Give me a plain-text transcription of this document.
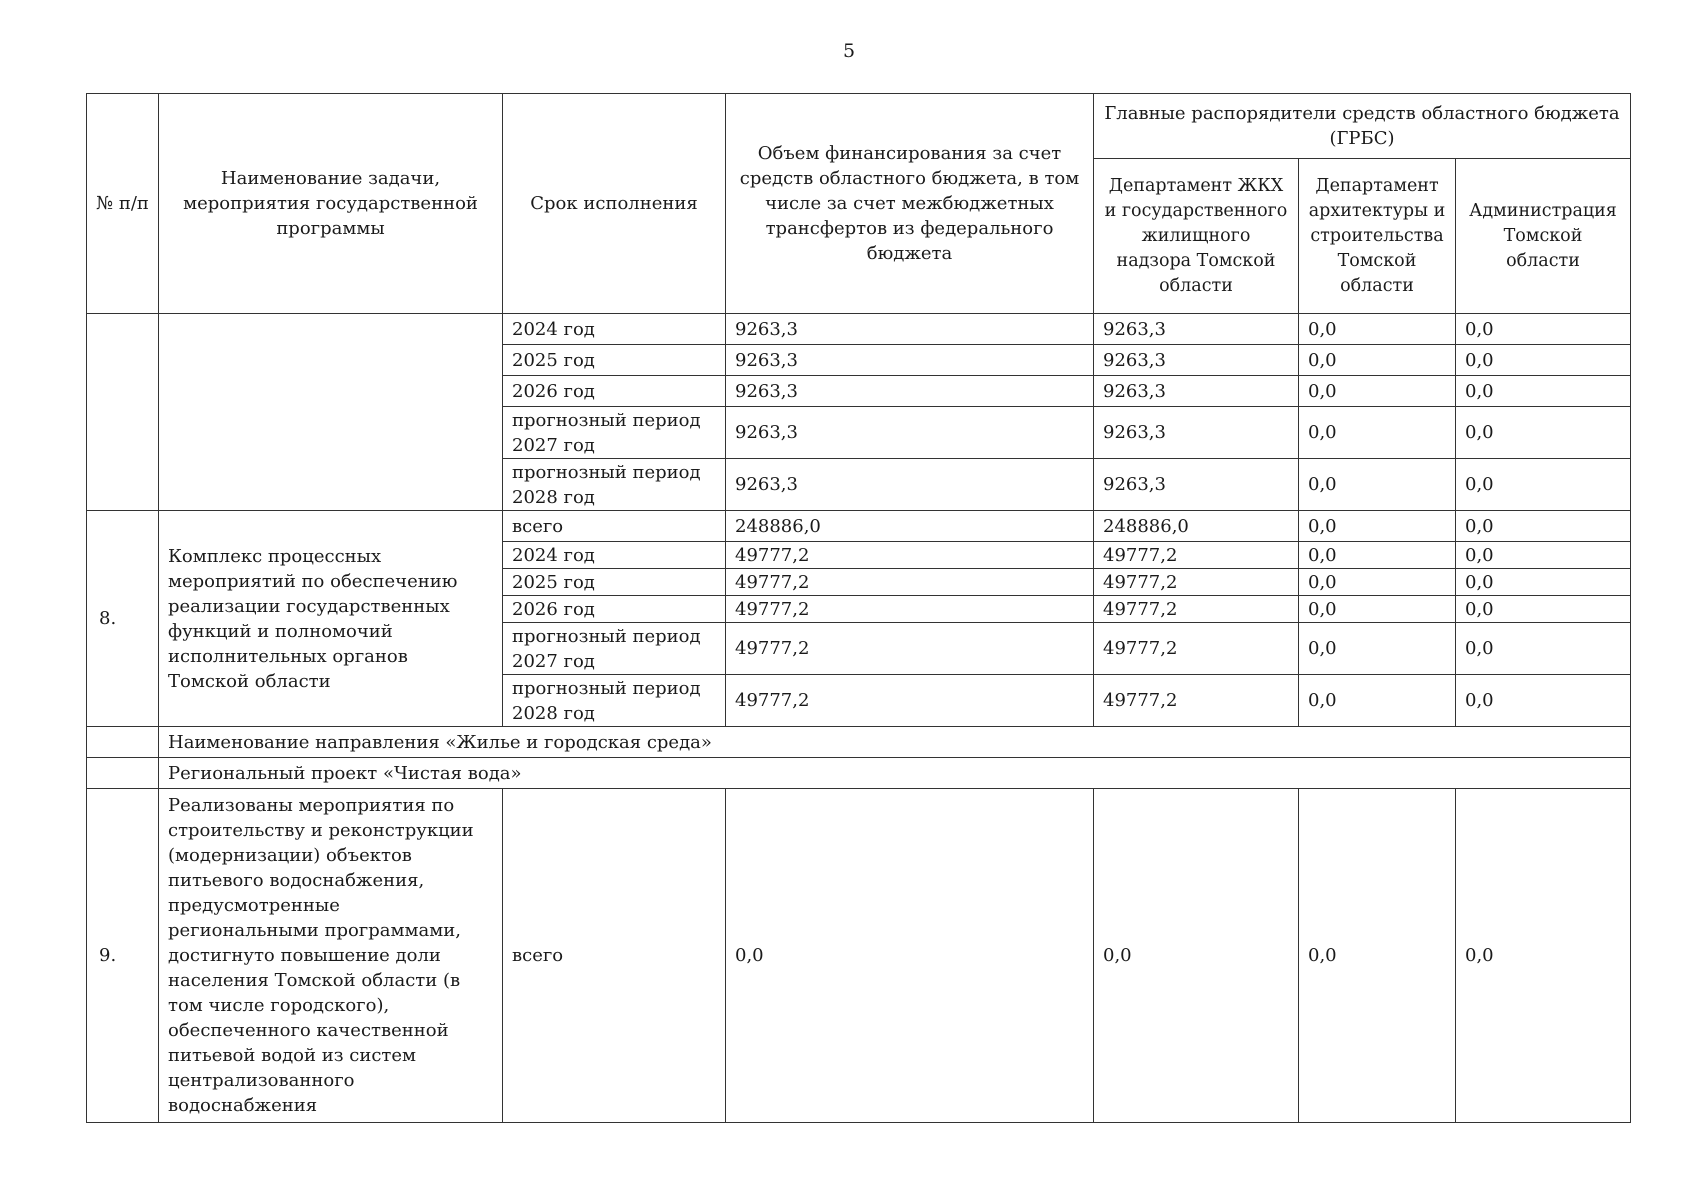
5
№ п/п	Наименование задачи, мероприятия государственной программы	Срок исполнения	Объем финансирования за счет средств областного бюджета, в том числе за счет межбюджетных трансфертов из федерального бюджета	Главные распорядители средств областного бюджета (ГРБС)		
				Департамент ЖКХ и государственного жилищного надзора Томской области	Департамент архитектуры и строительства Томской области	Администрация Томской области
		2024 год	9263,3	9263,3	0,0	0,0
		2025 год	9263,3	9263,3	0,0	0,0
		2026 год	9263,3	9263,3	0,0	0,0
		прогнозный период 2027 год	9263,3	9263,3	0,0	0,0
		прогнозный период 2028 год	9263,3	9263,3	0,0	0,0
8.	Комплекс процессных мероприятий по обеспечению реализации государственных функций и полномочий исполнительных органов Томской области	всего	248886,0	248886,0	0,0	0,0
		2024 год	49777,2	49777,2	0,0	0,0
		2025 год	49777,2	49777,2	0,0	0,0
		2026 год	49777,2	49777,2	0,0	0,0
		прогнозный период 2027 год	49777,2	49777,2	0,0	0,0
		прогнозный период 2028 год	49777,2	49777,2	0,0	0,0
	Наименование направления «Жилье и городская среда»					
	Региональный проект «Чистая вода»					
9.	Реализованы мероприятия по строительству и реконструкции (модернизации) объектов питьевого водоснабжения, предусмотренные региональными программами, достигнуто повышение доли населения Томской области (в том числе городского), обеспеченного качественной питьевой водой из систем централизованного водоснабжения	всего	0,0	0,0	0,0	0,0
